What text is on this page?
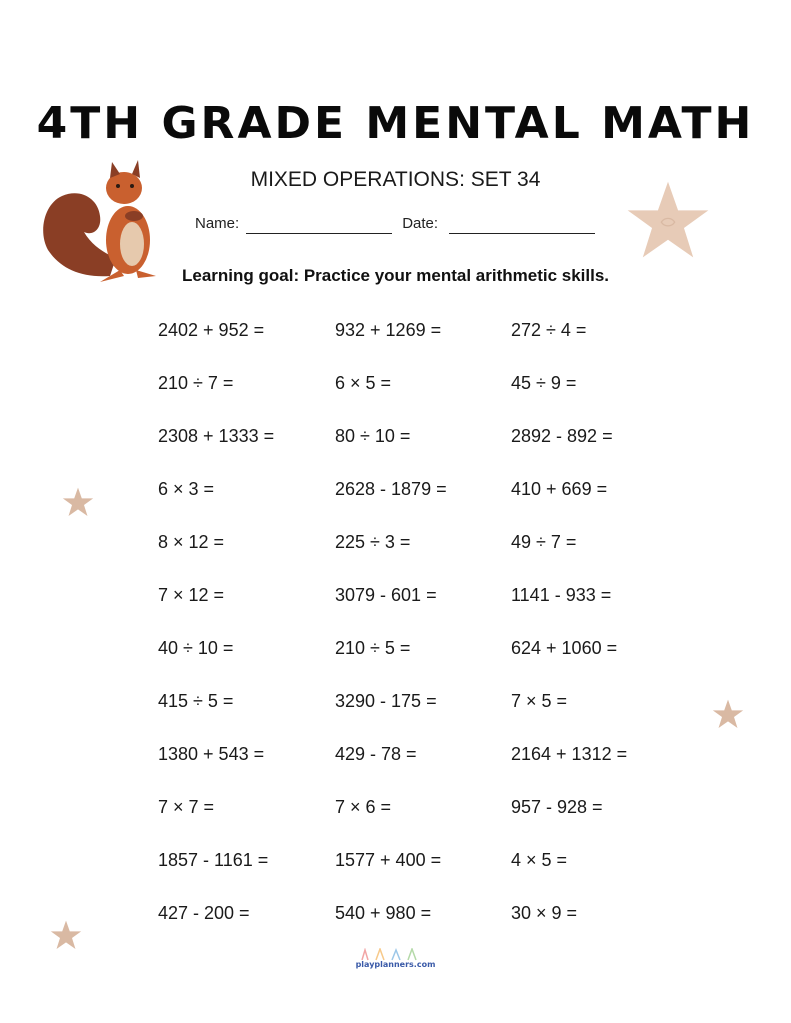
4TH GRADE MENTAL MATH
MIXED OPERATIONS: SET 34
Name:	Date:
Learning goal: Practice your mental arithmetic skills.
2402 + 952 =	932 + 1269 =	272 ÷ 4 =
210 ÷ 7 =	6 × 5 =	45 ÷ 9 =
2308 + 1333 =	80 ÷ 10 =	2892 - 892 =
6 × 3 =	2628 - 1879 =	410 + 669 =
8 × 12 =	225 ÷ 3 =	49 ÷ 7 =
7 × 12 =	3079 - 601 =	1141 - 933 =
40 ÷ 10 =	210 ÷ 5 =	624 + 1060 =
415 ÷ 5 =	3290 - 175 =	7 × 5 =
1380 + 543 =	429 - 78 =	2164 + 1312 =
7 × 7 =	7 × 6 =	957 - 928 =
1857 - 1161 =	1577 + 400 =	4 × 5 =
427 - 200 =	540 + 980 =	30 × 9 =
playplanners.com
